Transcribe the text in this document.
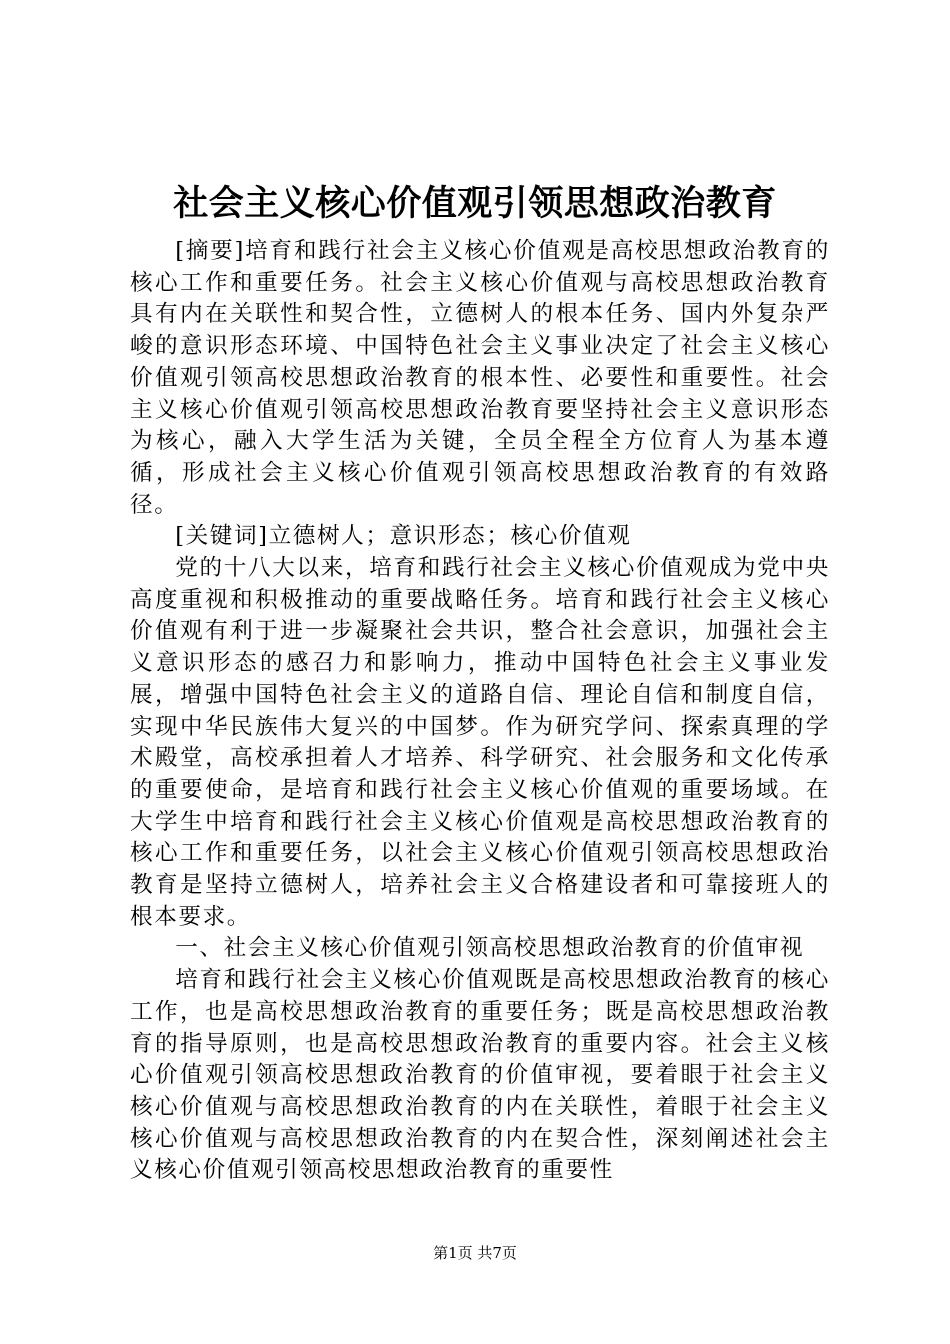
社会主义核心价值观引领思想政治教育

[摘要]培育和践行社会主义核心价值观是高校思想政治教育的核心工作和重要任务。社会主义核心价值观与高校思想政治教育具有内在关联性和契合性，立德树人的根本任务、国内外复杂严峻的意识形态环境、中国特色社会主义事业决定了社会主义核心价值观引领高校思想政治教育的根本性、必要性和重要性。社会主义核心价值观引领高校思想政治教育要坚持社会主义意识形态为核心，融入大学生活为关键，全员全程全方位育人为基本遵循，形成社会主义核心价值观引领高校思想政治教育的有效路径。

[关键词]立德树人；意识形态；核心价值观

党的十八大以来，培育和践行社会主义核心价值观成为党中央高度重视和积极推动的重要战略任务。培育和践行社会主义核心价值观有利于进一步凝聚社会共识，整合社会意识，加强社会主义意识形态的感召力和影响力，推动中国特色社会主义事业发展，增强中国特色社会主义的道路自信、理论自信和制度自信，实现中华民族伟大复兴的中国梦。作为研究学问、探索真理的学术殿堂，高校承担着人才培养、科学研究、社会服务和文化传承的重要使命，是培育和践行社会主义核心价值观的重要场域。在大学生中培育和践行社会主义核心价值观是高校思想政治教育的核心工作和重要任务，以社会主义核心价值观引领高校思想政治教育是坚持立德树人，培养社会主义合格建设者和可靠接班人的根本要求。

一、社会主义核心价值观引领高校思想政治教育的价值审视

培育和践行社会主义核心价值观既是高校思想政治教育的核心工作，也是高校思想政治教育的重要任务；既是高校思想政治教育的指导原则，也是高校思想政治教育的重要内容。社会主义核心价值观引领高校思想政治教育的价值审视，要着眼于社会主义核心价值观与高校思想政治教育的内在关联性，着眼于社会主义核心价值观与高校思想政治教育的内在契合性，深刻阐述社会主义核心价值观引领高校思想政治教育的重要性

第1页 共7页
